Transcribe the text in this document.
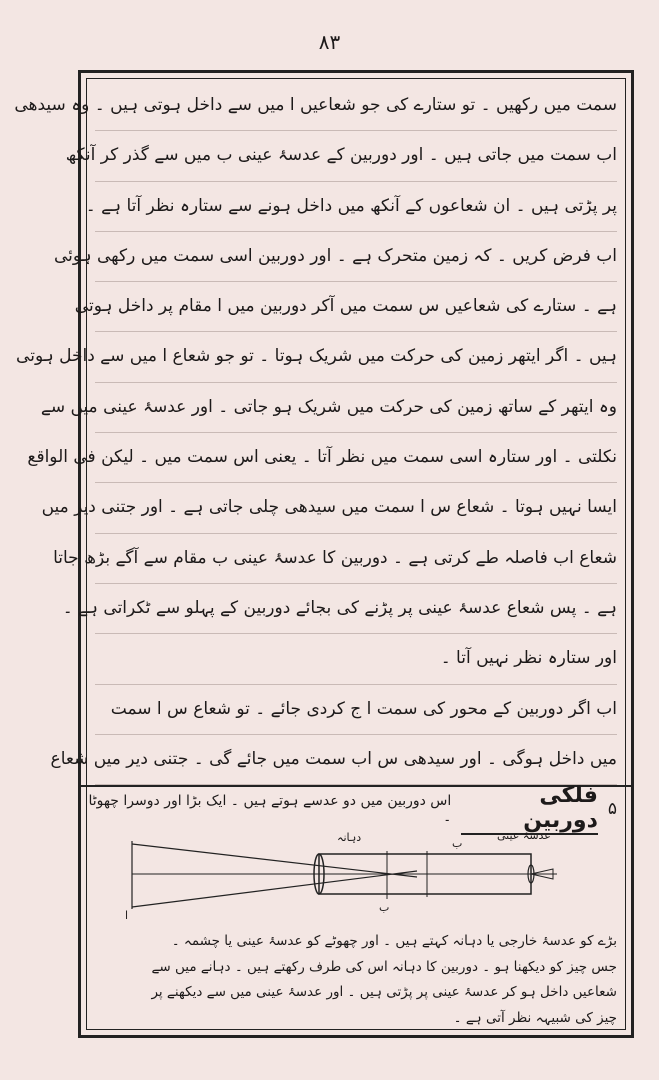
۸۳
سمت میں رکھیں ۔ تو ستارے کی جو شعاعیں ا میں سے داخل ہوتی ہیں ۔ وہ سیدھی
اب سمت میں جاتی ہیں ۔ اور دوربین کے عدسۂ عینی ب میں سے گذر کر آنکھ
پر پڑتی ہیں ۔ ان شعاعوں کے آنکھ میں داخل ہونے سے ستارہ نظر آتا ہے ۔
اب فرض کریں ۔ کہ زمین متحرک ہے ۔ اور دوربین اسی سمت میں رکھی ہوئی
ہے ۔ ستارے کی شعاعیں س سمت میں آکر دوربین میں ا مقام پر داخل ہوتی
ہیں ۔ اگر ایتھر زمین کی حرکت میں شریک ہوتا ۔ تو جو شعاع ا میں سے داخل ہوتی
وہ ایتھر کے ساتھ زمین کی حرکت میں شریک ہو جاتی ۔ اور عدسۂ عینی میں سے
نکلتی ۔ اور ستارہ اسی سمت میں نظر آتا ۔ یعنی اس سمت میں ۔ لیکن فی الواقع
ایسا نہیں ہوتا ۔ شعاع س ا سمت میں سیدھی چلی جاتی ہے ۔ اور جتنی دیر میں
شعاع اب فاصلہ طے کرتی ہے ۔ دوربین کا عدسۂ عینی ب مقام سے آگے بڑھ جاتا
ہے ۔ پس شعاع عدسۂ عینی پر پڑنے کی بجائے دوربین کے پہلو سے ٹکراتی ہے ۔
اور ستارہ نظر نہیں آتا ۔
اب اگر دوربین کے محور کی سمت ا ج کردی جائے ۔ تو شعاع س ا سمت
میں داخل ہوگی ۔ اور سیدھی س اب سمت میں جائے گی ۔ جتنی دیر میں شعاع
۵
فلکی دوربین
اس دوربین میں دو عدسے ہوتے ہیں ۔ ایک بڑا اور دوسرا چھوٹا ۔
دہانہ	عدسۂ عینی
ا
ب
ب
بڑے کو عدسۂ خارجی یا دہانہ کہتے ہیں ۔ اور چھوٹے کو عدسۂ عینی یا چشمہ ۔
جس چیز کو دیکھنا ہو ۔ دوربین کا دہانہ اس کی طرف رکھتے ہیں ۔ دہانے میں سے
شعاعیں داخل ہو کر عدسۂ عینی پر پڑتی ہیں ۔ اور عدسۂ عینی میں سے دیکھنے پر
چیز کی شبیہہ نظر آتی ہے ۔
